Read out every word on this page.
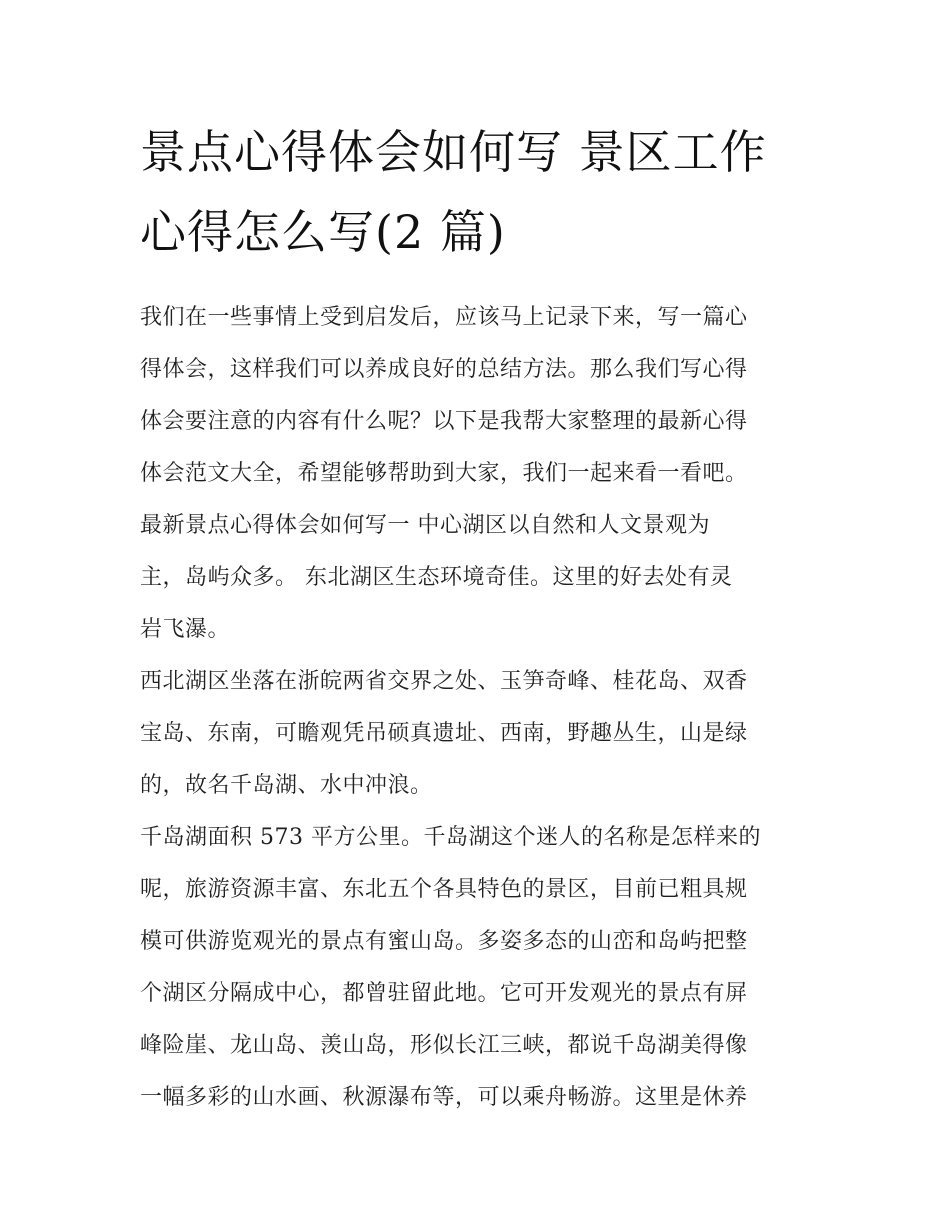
景点心得体会如何写 景区工作
心得怎么写(2 篇)
我们在一些事情上受到启发后，应该马上记录下来，写一篇心
得体会，这样我们可以养成良好的总结方法。那么我们写心得
体会要注意的内容有什么呢？以下是我帮大家整理的最新心得
体会范文大全，希望能够帮助到大家，我们一起来看一看吧。
最新景点心得体会如何写一 中心湖区以自然和人文景观为
主，岛屿众多。 东北湖区生态环境奇佳。这里的好去处有灵
岩飞瀑。
西北湖区坐落在浙皖两省交界之处、玉笋奇峰、桂花岛、双香
宝岛、东南，可瞻观凭吊硕真遗址、西南，野趣丛生，山是绿
的，故名千岛湖、水中冲浪。
千岛湖面积 573 平方公里。千岛湖这个迷人的名称是怎样来的
呢，旅游资源丰富、东北五个各具特色的景区，目前已粗具规
模可供游览观光的景点有蜜山岛。多姿多态的山峦和岛屿把整
个湖区分隔成中心，都曾驻留此地。它可开发观光的景点有屏
峰险崖、龙山岛、羡山岛，形似长江三峡，都说千岛湖美得像
一幅多彩的山水画、秋源瀑布等，可以乘舟畅游。这里是休养
